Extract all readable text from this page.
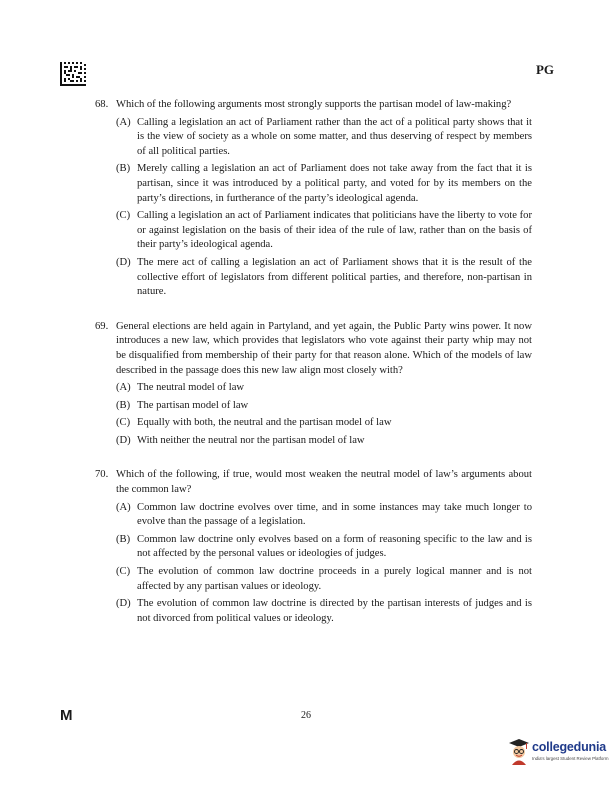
PG
68. Which of the following arguments most strongly supports the partisan model of law-making?
(A) Calling a legislation an act of Parliament rather than the act of a political party shows that it is the view of society as a whole on some matter, and thus deserving of respect by members of all political parties.
(B) Merely calling a legislation an act of Parliament does not take away from the fact that it is partisan, since it was introduced by a political party, and voted for by its members on the party’s directions, in furtherance of the party’s ideological agenda.
(C) Calling a legislation an act of Parliament indicates that politicians have the liberty to vote for or against legislation on the basis of their idea of the rule of law, rather than on the basis of their party’s ideological agenda.
(D) The mere act of calling a legislation an act of Parliament shows that it is the result of the collective effort of legislators from different political parties, and therefore, non-partisan in nature.
69. General elections are held again in Partyland, and yet again, the Public Party wins power. It now introduces a new law, which provides that legislators who vote against their party whip may not be disqualified from membership of their party for that reason alone. Which of the models of law described in the passage does this new law align most closely with?
(A) The neutral model of law
(B) The partisan model of law
(C) Equally with both, the neutral and the partisan model of law
(D) With neither the neutral nor the partisan model of law
70. Which of the following, if true, would most weaken the neutral model of law’s arguments about the common law?
(A) Common law doctrine evolves over time, and in some instances may take much longer to evolve than the passage of a legislation.
(B) Common law doctrine only evolves based on a form of reasoning specific to the law and is not affected by the personal values or ideologies of judges.
(C) The evolution of common law doctrine proceeds in a purely logical manner and is not affected by any partisan values or ideology.
(D) The evolution of common law doctrine is directed by the partisan interests of judges and is not divorced from political values or ideology.
M	26
collegedunia
India's largest Student Review Platform
